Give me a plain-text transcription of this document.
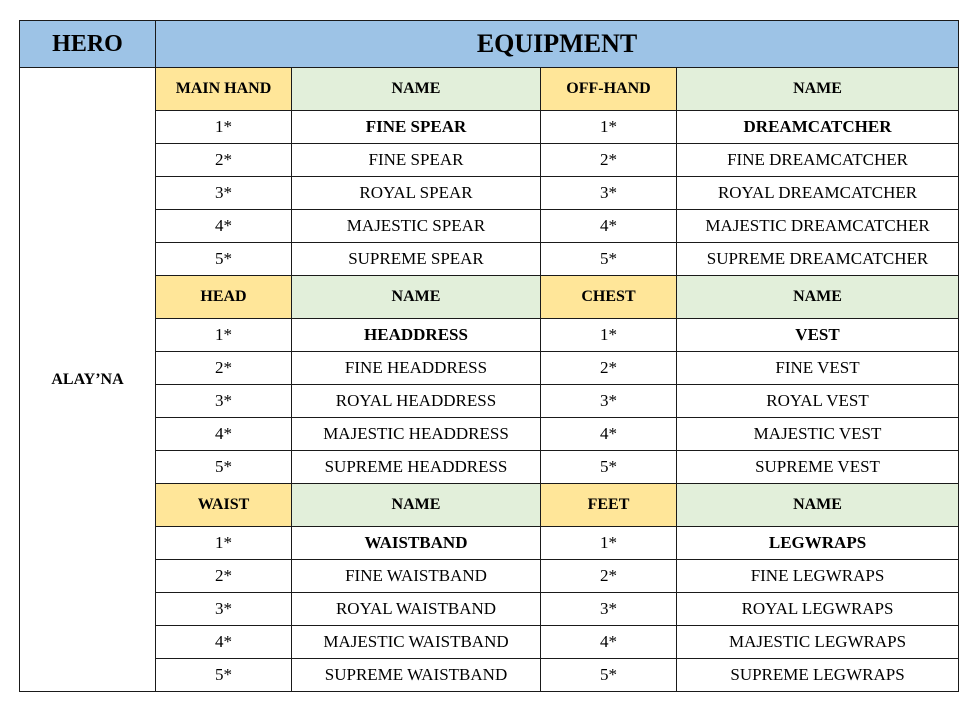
HERO	EQUIPMENT			
ALAY’NA	MAIN HAND	NAME	OFF-HAND	NAME
	1*	FINE SPEAR	1*	DREAMCATCHER
	2*	FINE SPEAR	2*	FINE DREAMCATCHER
	3*	ROYAL SPEAR	3*	ROYAL DREAMCATCHER
	4*	MAJESTIC SPEAR	4*	MAJESTIC DREAMCATCHER
	5*	SUPREME SPEAR	5*	SUPREME DREAMCATCHER
	HEAD	NAME	CHEST	NAME
	1*	HEADDRESS	1*	VEST
	2*	FINE HEADDRESS	2*	FINE VEST
	3*	ROYAL HEADDRESS	3*	ROYAL VEST
	4*	MAJESTIC HEADDRESS	4*	MAJESTIC VEST
	5*	SUPREME HEADDRESS	5*	SUPREME VEST
	WAIST	NAME	FEET	NAME
	1*	WAISTBAND	1*	LEGWRAPS
	2*	FINE WAISTBAND	2*	FINE LEGWRAPS
	3*	ROYAL WAISTBAND	3*	ROYAL LEGWRAPS
	4*	MAJESTIC WAISTBAND	4*	MAJESTIC LEGWRAPS
	5*	SUPREME WAISTBAND	5*	SUPREME LEGWRAPS
